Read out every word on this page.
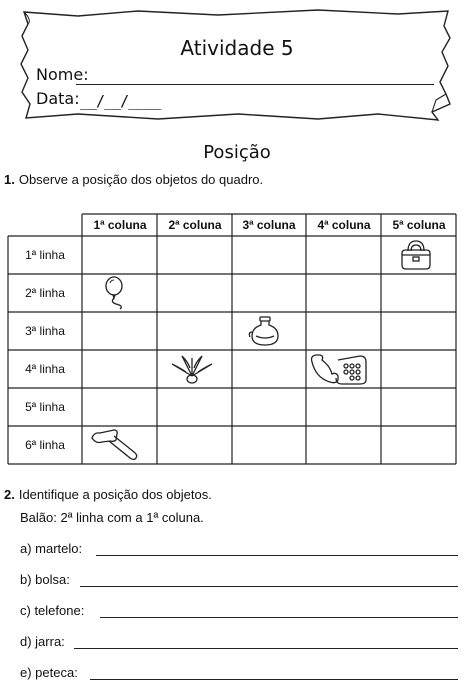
Atividade 5
Nome:
Data: __/__/____
Posição
1. Observe a posição dos objetos do quadro.
1ª coluna	2ª coluna	3ª coluna	4ª coluna	5ª coluna
1ª linha
2ª linha
3ª linha
4ª linha
5ª linha
6ª linha
2. Identifique a posição dos objetos.
Balão: 2ª linha com a 1ª coluna.
a) martelo:
b) bolsa:
c) telefone:
d) jarra:
e) peteca:
